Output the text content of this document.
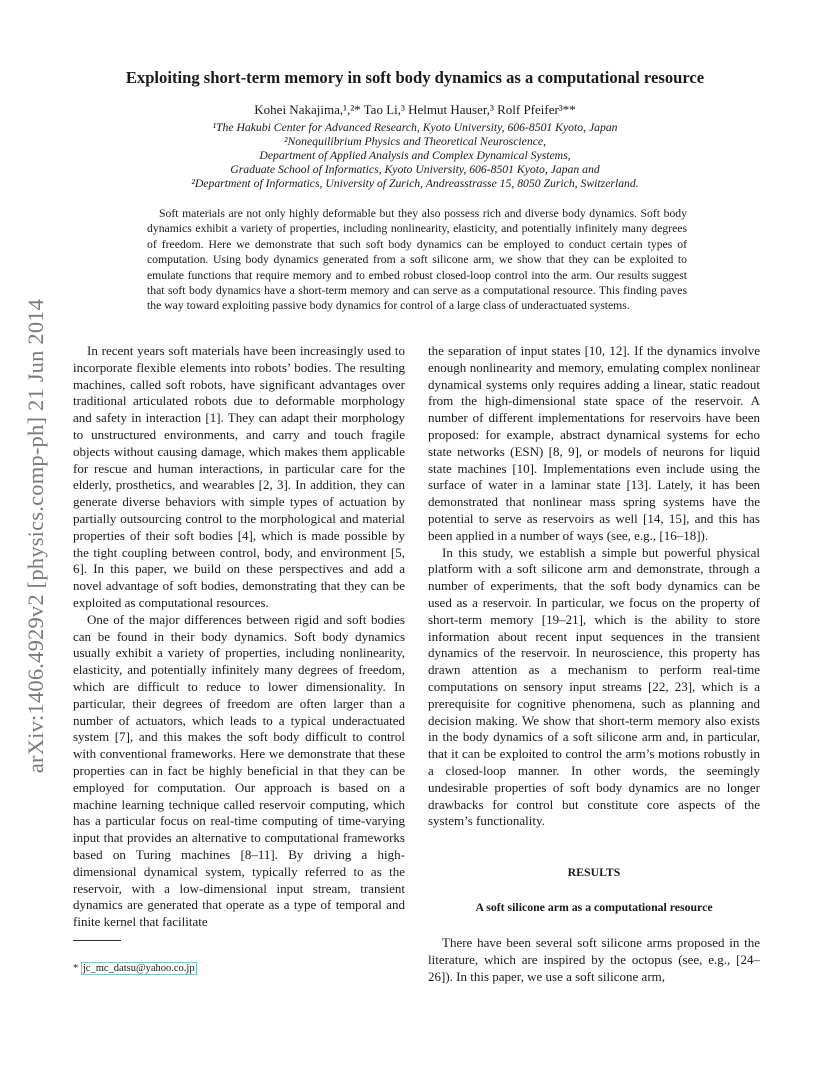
arXiv:1406.4929v2 [physics.comp-ph] 21 Jun 2014
Exploiting short-term memory in soft body dynamics as a computational resource
Kohei Nakajima,¹,²* Tao Li,³ Helmut Hauser,³ Rolf Pfeifer³**
¹The Hakubi Center for Advanced Research, Kyoto University, 606-8501 Kyoto, Japan
²Nonequilibrium Physics and Theoretical Neuroscience,
Department of Applied Analysis and Complex Dynamical Systems,
Graduate School of Informatics, Kyoto University, 606-8501 Kyoto, Japan and
²Department of Informatics, University of Zurich, Andreasstrasse 15, 8050 Zurich, Switzerland.
Soft materials are not only highly deformable but they also possess rich and diverse body dynamics. Soft body dynamics exhibit a variety of properties, including nonlinearity, elasticity, and potentially infinitely many degrees of freedom. Here we demonstrate that such soft body dynamics can be employed to conduct certain types of computation. Using body dynamics generated from a soft silicone arm, we show that they can be exploited to emulate functions that require memory and to embed robust closed-loop control into the arm. Our results suggest that soft body dynamics have a short-term memory and can serve as a computational resource. This finding paves the way toward exploiting passive body dynamics for control of a large class of underactuated systems.

In recent years soft materials have been increasingly used to incorporate flexible elements into robots’ bodies. The resulting machines, called soft robots, have significant advantages over traditional articulated robots due to deformable morphology and safety in interaction [1]. They can adapt their morphology to unstructured environments, and carry and touch fragile objects without causing damage, which makes them applicable for rescue and human interactions, in particular care for the elderly, prosthetics, and wearables [2, 3]. In addition, they can generate diverse behaviors with simple types of actuation by partially outsourcing control to the morphological and material properties of their soft bodies [4], which is made possible by the tight coupling between control, body, and environment [5, 6]. In this paper, we build on these perspectives and add a novel advantage of soft bodies, demonstrating that they can be exploited as computational resources.

One of the major differences between rigid and soft bodies can be found in their body dynamics. Soft body dynamics usually exhibit a variety of properties, including nonlinearity, elasticity, and potentially infinitely many degrees of freedom, which are difficult to reduce to lower dimensionality. In particular, their degrees of freedom are often larger than a number of actuators, which leads to a typical underactuated system [7], and this makes the soft body difficult to control with conventional frameworks. Here we demonstrate that these properties can in fact be highly beneficial in that they can be employed for computation. Our approach is based on a machine learning technique called reservoir computing, which has a particular focus on real-time computing of time-varying input that provides an alternative to computational frameworks based on Turing machines [8–11]. By driving a high-dimensional dynamical system, typically referred to as the reservoir, with a low-dimensional input stream, transient dynamics are generated that operate as a type of temporal and finite kernel that facilitate

* jc_mc_datsu@yahoo.co.jp

the separation of input states [10, 12]. If the dynamics involve enough nonlinearity and memory, emulating complex nonlinear dynamical systems only requires adding a linear, static readout from the high-dimensional state space of the reservoir. A number of different implementations for reservoirs have been proposed: for example, abstract dynamical systems for echo state networks (ESN) [8, 9], or models of neurons for liquid state machines [10]. Implementations even include using the surface of water in a laminar state [13]. Lately, it has been demonstrated that nonlinear mass spring systems have the potential to serve as reservoirs as well [14, 15], and this has been applied in a number of ways (see, e.g., [16–18]).

In this study, we establish a simple but powerful physical platform with a soft silicone arm and demonstrate, through a number of experiments, that the soft body dynamics can be used as a reservoir. In particular, we focus on the property of short-term memory [19–21], which is the ability to store information about recent input sequences in the transient dynamics of the reservoir. In neuroscience, this property has drawn attention as a mechanism to perform real-time computations on sensory input streams [22, 23], which is a prerequisite for cognitive phenomena, such as planning and decision making. We show that short-term memory also exists in the body dynamics of a soft silicone arm and, in particular, that it can be exploited to control the arm’s motions robustly in a closed-loop manner. In other words, the seemingly undesirable properties of soft body dynamics are no longer drawbacks for control but constitute core aspects of the system’s functionality.

RESULTS
A soft silicone arm as a computational resource

There have been several soft silicone arms proposed in the literature, which are inspired by the octopus (see, e.g., [24–26]). In this paper, we use a soft silicone arm,
